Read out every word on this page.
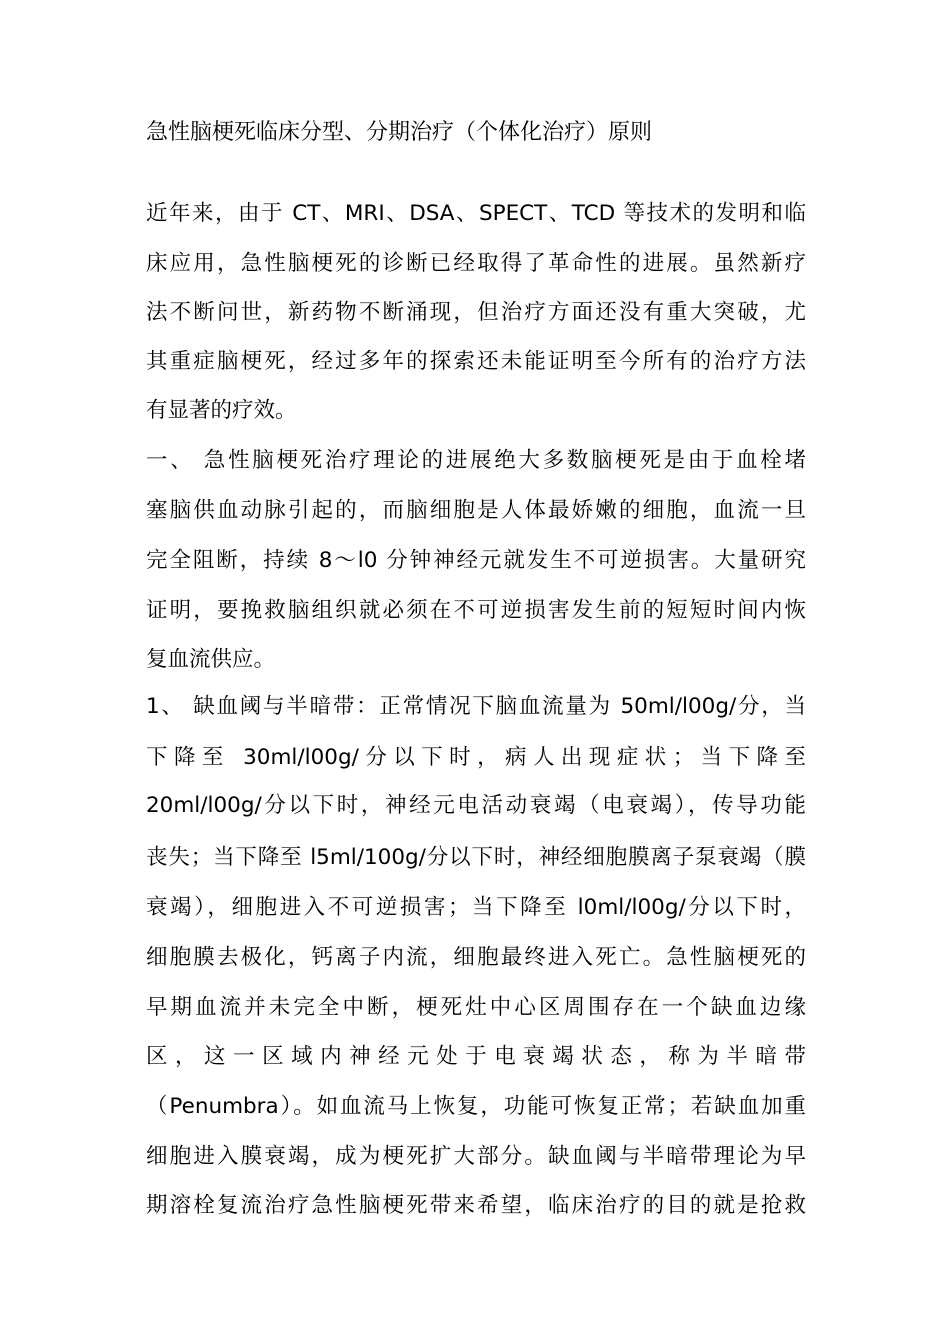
急性脑梗死临床分型、分期治疗（个体化治疗）原则
近年来，由于 CT、MRI、DSA、SPECT、TCD 等技术的发明和临
床应用，急性脑梗死的诊断已经取得了革命性的进展。虽然新疗
法不断问世，新药物不断涌现，但治疗方面还没有重大突破，尤
其重症脑梗死，经过多年的探索还未能证明至今所有的治疗方法
有显著的疗效。
一、 急性脑梗死治疗理论的进展绝大多数脑梗死是由于血栓堵
塞脑供血动脉引起的，而脑细胞是人体最娇嫩的细胞，血流一旦
完全阻断，持续 8～l0 分钟神经元就发生不可逆损害。大量研究
证明，要挽救脑组织就必须在不可逆损害发生前的短短时间内恢
复血流供应。
1、 缺血阈与半暗带：正常情况下脑血流量为 50ml/l00g/分，当
下降至 30ml/l00g/分以下时，病人出现症状；当下降至
20ml/l00g/分以下时，神经元电活动衰竭（电衰竭），传导功能
丧失；当下降至 l5ml/100g/分以下时，神经细胞膜离子泵衰竭（膜
衰竭），细胞进入不可逆损害；当下降至 l0ml/l00g/分以下时，
细胞膜去极化，钙离子内流，细胞最终进入死亡。急性脑梗死的
早期血流并未完全中断，梗死灶中心区周围存在一个缺血边缘
区，这一区域内神经元处于电衰竭状态，称为半暗带
（Penumbra）。如血流马上恢复，功能可恢复正常；若缺血加重
细胞进入膜衰竭，成为梗死扩大部分。缺血阈与半暗带理论为早
期溶栓复流治疗急性脑梗死带来希望，临床治疗的目的就是抢救
